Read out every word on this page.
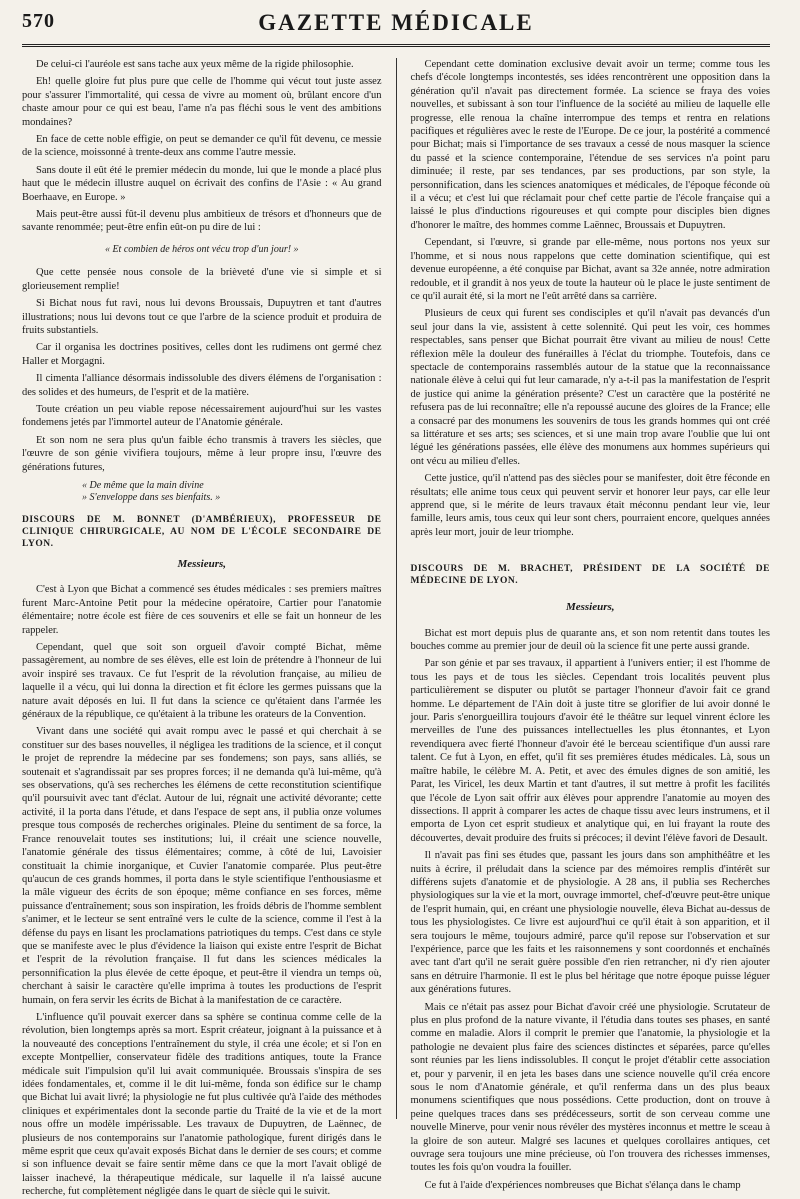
570	GAZETTE MÉDICALE

De celui-ci l'auréole est sans tache aux yeux même de la rigide philosophie.

Eh! quelle gloire fut plus pure que celle de l'homme qui vécut tout juste assez pour s'assurer l'immortalité, qui cessa de vivre au moment où, brûlant encore d'un chaste amour pour ce qui est beau, l'ame n'a pas fléchi sous le vent des ambitions mondaines?

En face de cette noble effigie, on peut se demander ce qu'il fût devenu, ce messie de la science, moissonné à trente-deux ans comme l'autre messie.

Sans doute il eût été le premier médecin du monde, lui que le monde a placé plus haut que le médecin illustre auquel on écrivait des confins de l'Asie : « Au grand Boerhaave, en Europe. »

Mais peut-être aussi fût-il devenu plus ambitieux de trésors et d'honneurs que de savante renommée; peut-être enfin eût-on pu dire de lui :

« Et combien de héros ont vécu trop d'un jour! »

Que cette pensée nous console de la brièveté d'une vie si simple et si glorieusement remplie!

Si Bichat nous fut ravi, nous lui devons Broussais, Dupuytren et tant d'autres illustrations; nous lui devons tout ce que l'arbre de la science produit et produira de fruits substantiels.

Car il organisa les doctrines positives, celles dont les rudimens ont germé chez Haller et Morgagni.

Il cimenta l'alliance désormais indissoluble des divers élémens de l'organisation : des solides et des humeurs, de l'esprit et de la matière.

Toute création un peu viable repose nécessairement aujourd'hui sur les vastes fondemens jetés par l'immortel auteur de l'Anatomie générale.

Et son nom ne sera plus qu'un faible écho transmis à travers les siècles, que l'œuvre de son génie vivifiera toujours, même à leur propre insu, l'œuvre des générations futures,

« De même que la main divine
» S'enveloppe dans ses bienfaits. »
DISCOURS DE M. BONNET (D'AMBÉRIEUX), PROFESSEUR DE CLINIQUE CHIRURGICALE, AU NOM DE L'ÉCOLE SECONDAIRE DE LYON.
Messieurs,

C'est à Lyon que Bichat a commencé ses études médicales : ses premiers maîtres furent Marc-Antoine Petit pour la médecine opératoire, Cartier pour l'anatomie élémentaire; notre école est fière de ces souvenirs et elle se fait un honneur de les rappeler.

Cependant, quel que soit son orgueil d'avoir compté Bichat, même passagèrement, au nombre de ses élèves, elle est loin de prétendre à l'honneur de lui avoir inspiré ses travaux. Ce fut l'esprit de la révolution française, au milieu de laquelle il a vécu, qui lui donna la direction et fit éclore les germes puissans que la nature avait déposés en lui. Il fut dans la science ce qu'étaient dans l'armée les généraux de la république, ce qu'étaient à la tribune les orateurs de la Convention.

Vivant dans une société qui avait rompu avec le passé et qui cherchait à se constituer sur des bases nouvelles, il négligea les traditions de la science, et il conçut le projet de reprendre la médecine par ses fondemens; son pays, sans alliés, se soutenait et s'agrandissait par ses propres forces; il ne demanda qu'à lui-même, qu'à ses observations, qu'à ses recherches les élémens de cette reconstitution scientifique qu'il poursuivit avec tant d'éclat. Autour de lui, régnait une activité dévorante; cette activité, il la porta dans l'étude, et dans l'espace de sept ans, il publia onze volumes presque tous composés de recherches originales. Pleine du sentiment de sa force, la France renouvelait toutes ses institutions; lui, il créait une science nouvelle, l'anatomie générale des tissus élémentaires; comme, à côté de lui, Lavoisier constituait la chimie inorganique, et Cuvier l'anatomie comparée. Plus peut-être qu'aucun de ces grands hommes, il porta dans le style scientifique l'enthousiasme et la mâle vigueur des écrits de son époque; même confiance en ses forces, même puissance d'entraînement; sous son inspiration, les froids débris de l'homme semblent s'animer, et le lecteur se sent entraîné vers le culte de la science, comme il l'est à la défense du pays en lisant les proclamations patriotiques du temps. C'est dans ce style que se manifeste avec le plus d'évidence la liaison qui existe entre l'esprit de Bichat et l'esprit de la révolution française. Il fut dans les sciences médicales la personnification la plus élevée de cette époque, et peut-être il viendra un temps où, cherchant à saisir le caractère qu'elle imprima à toutes les productions de l'esprit humain, on fera servir les écrits de Bichat à la manifestation de ce caractère.

L'influence qu'il pouvait exercer dans sa sphère se continua comme celle de la révolution, bien longtemps après sa mort. Esprit créateur, joignant à la puissance et à la nouveauté des conceptions l'entraînement du style, il créa une école; et si l'on en excepte Montpellier, conservateur fidèle des traditions antiques, toute la France médicale suit l'impulsion qu'il lui avait communiquée. Broussais s'inspira de ses idées fondamentales, et, comme il le dit lui-même, fonda son édifice sur le champ que Bichat lui avait livré; la physiologie ne fut plus cultivée qu'à l'aide des méthodes cliniques et expérimentales dont la seconde partie du Traité de la vie et de la mort nous offre un modèle impérissable. Les travaux de Dupuytren, de Laënnec, de plusieurs de nos contemporains sur l'anatomie pathologique, furent dirigés dans le même esprit que ceux qu'avait exposés Bichat dans le dernier de ses cours; et comme si son influence devait se faire sentir même dans ce que la mort l'avait obligé de laisser inachevé, la thérapeutique médicale, sur laquelle il n'a laissé aucune recherche, fut complètement négligée dans le quart de siècle qui le suivit.

Cependant cette domination exclusive devait avoir un terme; comme tous les chefs d'école longtemps incontestés, ses idées rencontrèrent une opposition dans la génération qu'il n'avait pas directement formée. La science se fraya des voies nouvelles, et subissant à son tour l'influence de la société au milieu de laquelle elle progresse, elle renoua la chaîne interrompue des temps et rentra en relations pacifiques et régulières avec le reste de l'Europe. De ce jour, la postérité a commencé pour Bichat; mais si l'importance de ses travaux a cessé de nous masquer la science du passé et la science contemporaine, l'étendue de ses services n'a point paru diminuée; il reste, par ses tendances, par ses productions, par son style, la personnification, dans les sciences anatomiques et médicales, de l'époque féconde où il a vécu; et c'est lui que réclamait pour chef cette partie de l'école française qui a laissé le plus d'inductions rigoureuses et qui compte pour disciples bien dignes d'honorer le maître, des hommes comme Laënnec, Broussais et Dupuytren.

Cependant, si l'œuvre, si grande par elle-même, nous portons nos yeux sur l'homme, et si nous nous rappelons que cette domination scientifique, qui est devenue européenne, a été conquise par Bichat, avant sa 32e année, notre admiration redouble, et il grandit à nos yeux de toute la hauteur où le place le juste sentiment de ce qu'il aurait été, si la mort ne l'eût arrêté dans sa carrière.

Plusieurs de ceux qui furent ses condisciples et qu'il n'avait pas devancés d'un seul jour dans la vie, assistent à cette solennité. Qui peut les voir, ces hommes respectables, sans penser que Bichat pourrait être vivant au milieu de nous! Cette réflexion mêle la douleur des funérailles à l'éclat du triomphe. Toutefois, dans ce spectacle de contemporains rassemblés autour de la statue que la reconnaissance nationale élève à celui qui fut leur camarade, n'y a-t-il pas la manifestation de l'esprit de justice qui anime la génération présente? C'est un caractère que la postérité ne refusera pas de lui reconnaître; elle n'a repoussé aucune des gloires de la France; elle a consacré par des monumens les souvenirs de tous les grands hommes qui ont créé sa littérature et ses arts; ses sciences, et si une main trop avare l'oublie que lui ont légué les générations passées, elle élève des monumens aux hommes supérieurs qui ont vécu au milieu d'elles.

Cette justice, qu'il n'attend pas des siècles pour se manifester, doit être féconde en résultats; elle anime tous ceux qui peuvent servir et honorer leur pays, car elle leur apprend que, si le mérite de leurs travaux était méconnu pendant leur vie, leur famille, leurs amis, tous ceux qui leur sont chers, pourraient encore, quelques années après leur mort, jouir de leur triomphe.

DISCOURS DE M. BRACHET, PRÉSIDENT DE LA SOCIÉTÉ DE MÉDECINE DE LYON.
Messieurs,

Bichat est mort depuis plus de quarante ans, et son nom retentit dans toutes les bouches comme au premier jour de deuil où la science fit une perte aussi grande.

Par son génie et par ses travaux, il appartient à l'univers entier; il est l'homme de tous les pays et de tous les siècles. Cependant trois localités peuvent plus particulièrement se disputer ou plutôt se partager l'honneur d'avoir fait ce grand homme. Le département de l'Ain doit à juste titre se glorifier de lui avoir donné le jour. Paris s'enorgueillira toujours d'avoir été le théâtre sur lequel vinrent éclore les merveilles de l'une des puissances intellectuelles les plus étonnantes, et Lyon revendiquera avec fierté l'honneur d'avoir été le berceau scientifique d'un aussi rare talent. Ce fut à Lyon, en effet, qu'il fit ses premières études médicales. Là, sous un maître habile, le célèbre M. A. Petit, et avec des émules dignes de son amitié, les Parat, les Viricel, les deux Martin et tant d'autres, il sut mettre à profit les facilités que l'école de Lyon sait offrir aux élèves pour apprendre l'anatomie au moyen des dissections. Il apprit à comparer les actes de chaque tissu avec leurs instrumens, et il emporta de Lyon cet esprit studieux et analytique qui, en lui frayant la route des découvertes, devait produire des fruits si précoces; il devint l'élève favori de Desault.

Il n'avait pas fini ses études que, passant les jours dans son amphithéâtre et les nuits à écrire, il préludait dans la science par des mémoires remplis d'intérêt sur différens sujets d'anatomie et de physiologie. A 28 ans, il publia ses Recherches physiologiques sur la vie et la mort, ouvrage immortel, chef-d'œuvre peut-être unique de l'esprit humain, qui, en créant une physiologie nouvelle, éleva Bichat au-dessus de tous les physiologistes. Ce livre est aujourd'hui ce qu'il était à son apparition, et il sera toujours le même, toujours admiré, parce qu'il repose sur l'observation et sur l'expérience, parce que les faits et les raisonnemens y sont coordonnés et enchaînés avec tant d'art qu'il ne serait guère possible d'en rien retrancher, ni d'y rien ajouter sans en détruire l'harmonie. Il est le plus bel héritage que notre époque puisse léguer aux générations futures.

Mais ce n'était pas assez pour Bichat d'avoir créé une physiologie. Scrutateur de plus en plus profond de la nature vivante, il l'étudia dans toutes ses phases, en santé comme en maladie. Alors il comprit le premier que l'anatomie, la physiologie et la pathologie ne devaient plus faire des sciences distinctes et séparées, parce qu'elles sont réunies par les liens indissolubles. Il conçut le projet d'établir cette association et, pour y parvenir, il en jeta les bases dans une science nouvelle qu'il créa encore sous le nom d'Anatomie générale, et qu'il renferma dans un des plus beaux monumens scientifiques que nous possédions. Cette production, dont on trouve à peine quelques traces dans ses prédécesseurs, sortit de son cerveau comme une nouvelle Minerve, pour venir nous révéler des mystères inconnus et mettre le sceau à la gloire de son auteur. Malgré ses lacunes et quelques corollaires antiques, cet ouvrage sera toujours une mine précieuse, où l'on trouvera des richesses immenses, toutes les fois qu'on voudra la fouiller.

Ce fut à l'aide d'expériences nombreuses que Bichat s'élança dans le champ
